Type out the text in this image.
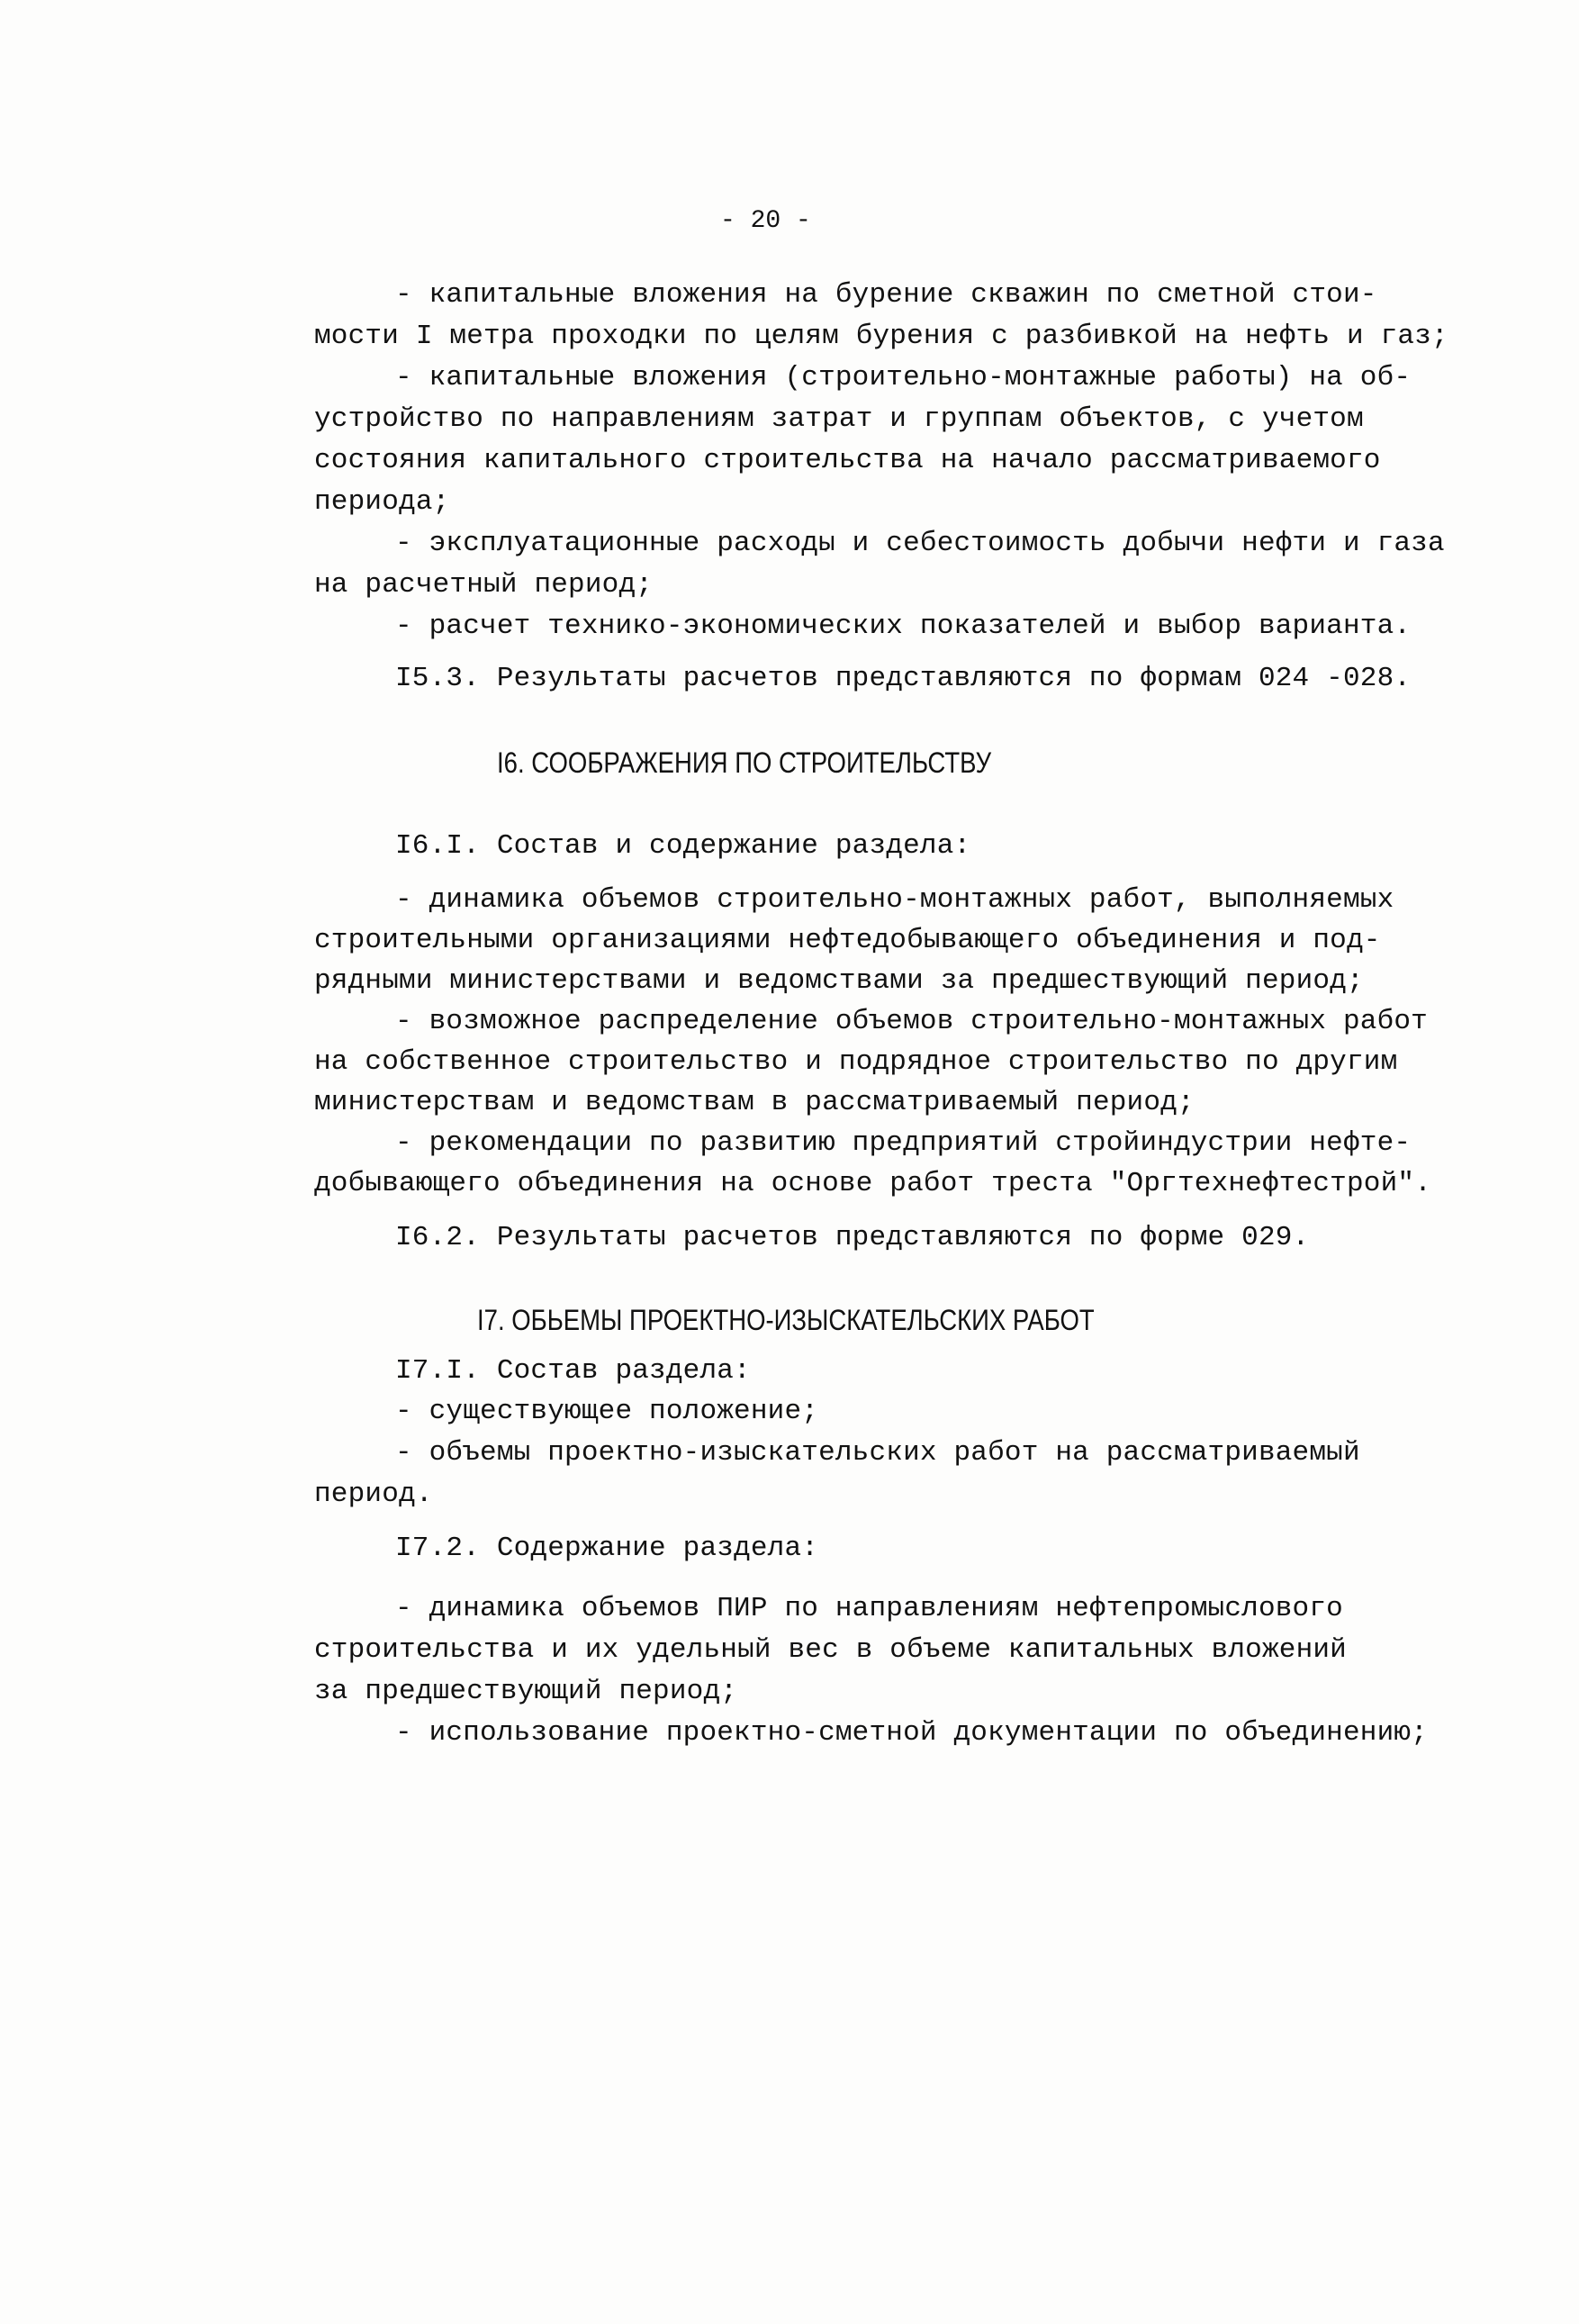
- 20 -
- капитальные вложения на бурение скважин по сметной стои-
мости I метра проходки по целям бурения с разбивкой на нефть и газ;
- капитальные вложения (строительно-монтажные работы) на об-
устройство по направлениям затрат и группам объектов, с учетом
состояния капитального строительства на начало рассматриваемого
периода;
- эксплуатационные расходы и себестоимость добычи нефти и газа
на расчетный период;
- расчет технико-экономических показателей и выбор варианта.
I5.3. Результаты расчетов представляются по формам 024 -028.
I6. СООБРАЖЕНИЯ ПО СТРОИТЕЛЬСТВУ
I6.I. Состав и содержание раздела:
- динамика объемов строительно-монтажных работ, выполняемых
строительными организациями нефтедобывающего объединения и под-
рядными министерствами и ведомствами за предшествующий период;
- возможное распределение объемов строительно-монтажных работ
на собственное строительство и подрядное строительство по другим
министерствам и ведомствам в рассматриваемый период;
- рекомендации по развитию предприятий стройиндустрии нефте-
добывающего объединения на основе работ треста "Оргтехнефтестрой".
I6.2. Результаты расчетов представляются по форме 029.
I7. ОБЬЕМЫ ПРОЕКТНО-ИЗЫСКАТЕЛЬСКИХ РАБОТ
I7.I. Состав раздела:
- существующее положение;
- объемы проектно-изыскательских работ на рассматриваемый
период.
I7.2. Содержание раздела:
- динамика объемов ПИР по направлениям нефтепромыслового
строительства и их удельный вес в объеме капитальных вложений
за предшествующий период;
- использование проектно-сметной документации по объединению;
